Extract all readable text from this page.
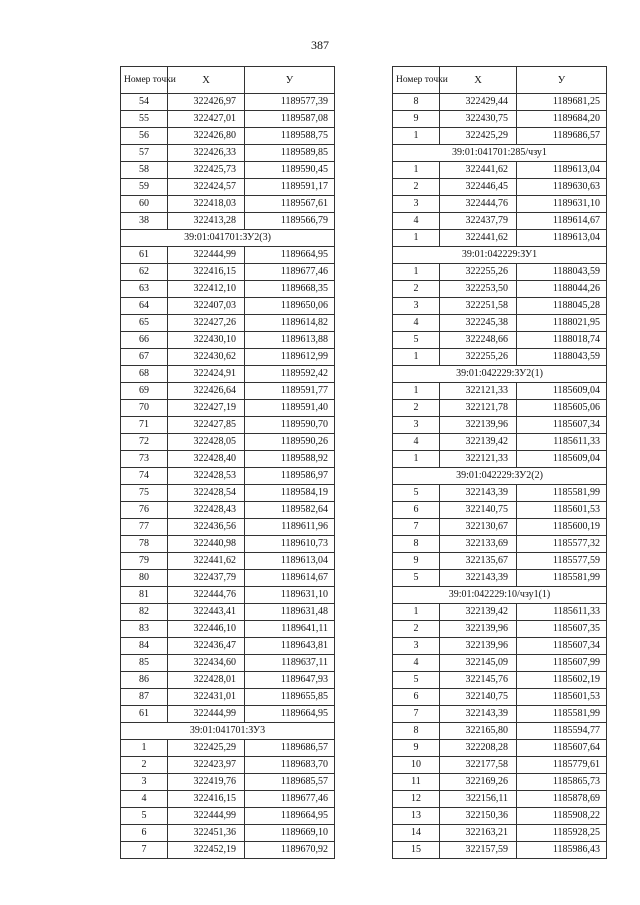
387
Номер точки	X	У
54	322426,97	1189577,39
55	322427,01	1189587,08
56	322426,80	1189588,75
57	322426,33	1189589,85
58	322425,73	1189590,45
59	322424,57	1189591,17
60	322418,03	1189567,61
38	322413,28	1189566,79
39:01:041701:ЗУ2(3)		
61	322444,99	1189664,95
62	322416,15	1189677,46
63	322412,10	1189668,35
64	322407,03	1189650,06
65	322427,26	1189614,82
66	322430,10	1189613,88
67	322430,62	1189612,99
68	322424,91	1189592,42
69	322426,64	1189591,77
70	322427,19	1189591,40
71	322427,85	1189590,70
72	322428,05	1189590,26
73	322428,40	1189588,92
74	322428,53	1189586,97
75	322428,54	1189584,19
76	322428,43	1189582,64
77	322436,56	1189611,96
78	322440,98	1189610,73
79	322441,62	1189613,04
80	322437,79	1189614,67
81	322444,76	1189631,10
82	322443,41	1189631,48
83	322446,10	1189641,11
84	322436,47	1189643,81
85	322434,60	1189637,11
86	322428,01	1189647,93
87	322431,01	1189655,85
61	322444,99	1189664,95
39:01:041701:ЗУ3		
1	322425,29	1189686,57
2	322423,97	1189683,70
3	322419,76	1189685,57
4	322416,15	1189677,46
5	322444,99	1189664,95
6	322451,36	1189669,10
7	322452,19	1189670,92
Номер точки	X	У
8	322429,44	1189681,25
9	322430,75	1189684,20
1	322425,29	1189686,57
39:01:041701:285/чзу1		
1	322441,62	1189613,04
2	322446,45	1189630,63
3	322444,76	1189631,10
4	322437,79	1189614,67
1	322441,62	1189613,04
39:01:042229:ЗУ1		
1	322255,26	1188043,59
2	322253,50	1188044,26
3	322251,58	1188045,28
4	322245,38	1188021,95
5	322248,66	1188018,74
1	322255,26	1188043,59
39:01:042229:ЗУ2(1)		
1	322121,33	1185609,04
2	322121,78	1185605,06
3	322139,96	1185607,34
4	322139,42	1185611,33
1	322121,33	1185609,04
39:01:042229:ЗУ2(2)		
5	322143,39	1185581,99
6	322140,75	1185601,53
7	322130,67	1185600,19
8	322133,69	1185577,32
9	322135,67	1185577,59
5	322143,39	1185581,99
39:01:042229:10/чзу1(1)		
1	322139,42	1185611,33
2	322139,96	1185607,35
3	322139,96	1185607,34
4	322145,09	1185607,99
5	322145,76	1185602,19
6	322140,75	1185601,53
7	322143,39	1185581,99
8	322165,80	1185594,77
9	322208,28	1185607,64
10	322177,58	1185779,61
11	322169,26	1185865,73
12	322156,11	1185878,69
13	322150,36	1185908,22
14	322163,21	1185928,25
15	322157,59	1185986,43
